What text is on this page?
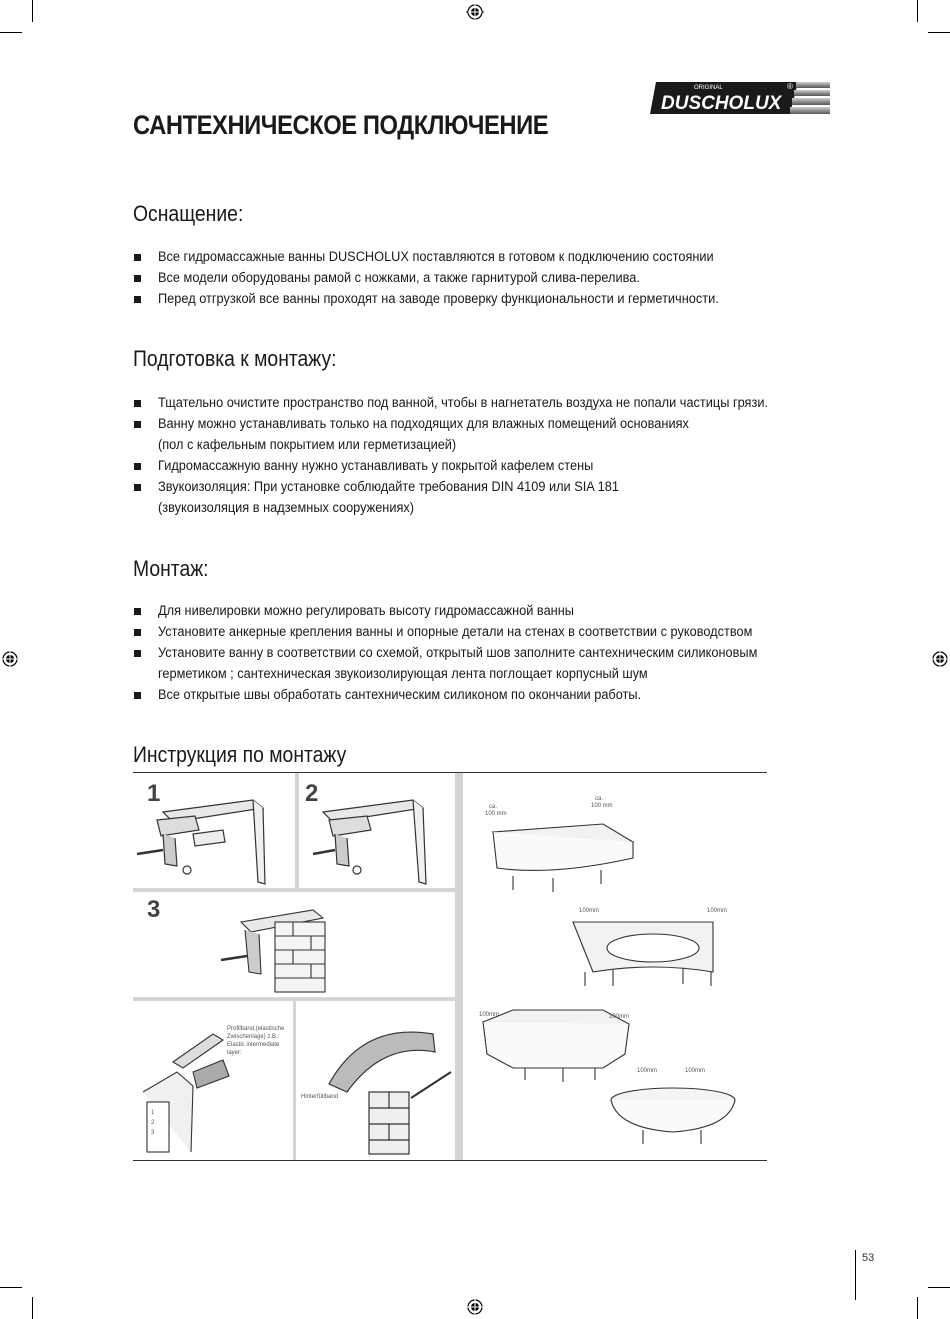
ORIGINAL
DUSCHOLUX
®
САНТЕХНИЧЕСКОЕ ПОДКЛЮЧЕНИЕ
Оснащение:
Все гидромассажные ванны DUSCHOLUX поставляются в готовом к подключению состоянии
Все модели оборудованы рамой с ножками, а также гарнитурой слива-перелива.
Перед отгрузкой все ванны проходят на заводе проверку функциональности и герметичности.
Подготовка к монтажу:
Тщательно очистите пространство под ванной, чтобы в нагнетатель воздуха не попали частицы грязи.
Ванну можно устанавливать только на подходящих для влажных помещений основаниях
(пол с кафельным покрытием или герметизацией)
Гидромассажную ванну нужно устанавливать у покрытой кафелем стены
Звукоизоляция: При установке соблюдайте требования DIN 4109 или SIA 181
(звукоизоляция в надземных сооружениях)
Монтаж:
Для нивелировки можно регулировать высоту гидромассажной ванны
Установите анкерные крепления ванны и опорные детали на стенах в соответствии с руководством
Установите ванну в соответствии со схемой, открытый шов заполните сантехническим силиконовым
герметиком ; сантехническая звукоизолирующая лента поглощает корпусный шум
Все открытые швы обработать сантехническим силиконом по окончании работы.
Инструкция по монтажу
1	2
3
Profilband,(elastische
Zwischenlage) z.B.:
Elastic intermediate
layer:
1
2
3
Hinterfüllband
ca.
100 mm
ca.
100 mm
100mm	100mm
100mm	100mm
100mm	100mm
53
